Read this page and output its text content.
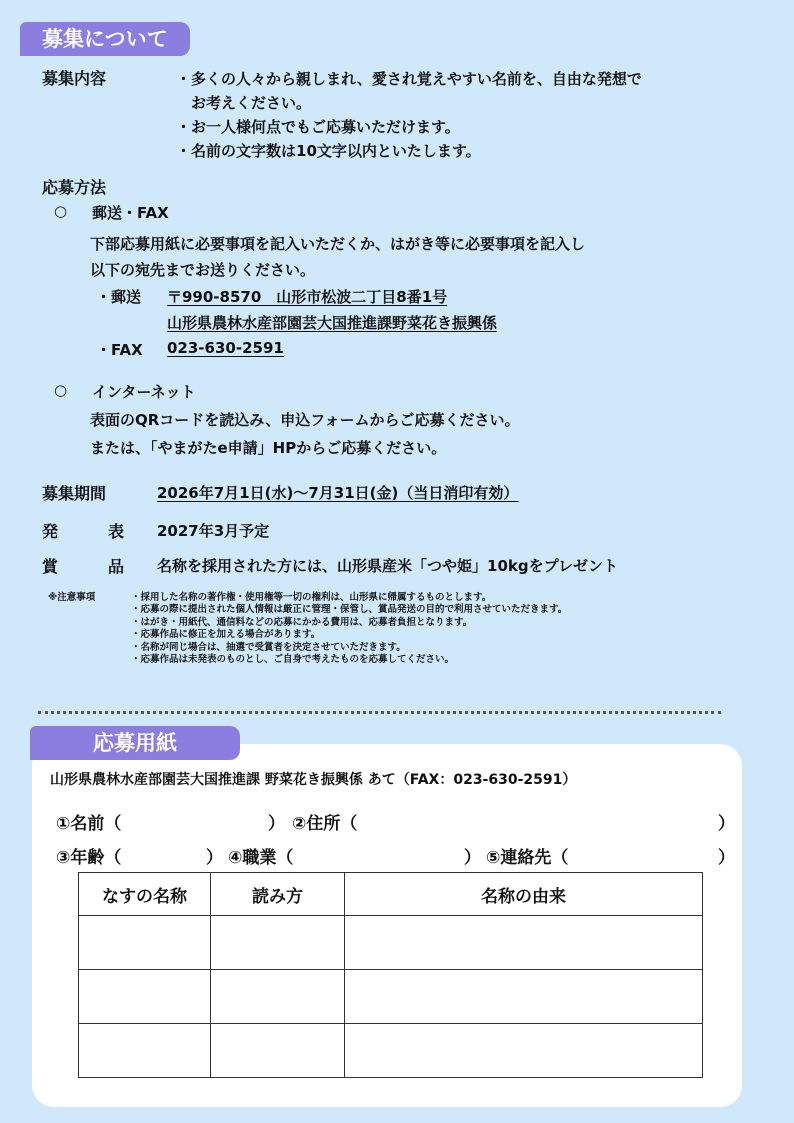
募集について
募集内容	・多くの人々から親しまれ、愛され覚えやすい名前を、自由な発想で
お考えください。
・お一人様何点でもご応募いただけます。
・名前の文字数は10文字以内といたします。
応募方法
○ 郵送・FAX
下部応募用紙に必要事項を記入いただくか、はがき等に必要事項を記入し
以下の宛先までお送りください。
・郵送 〒990-8570　山形市松波二丁目8番1号
山形県農林水産部園芸大国推進課野菜花き振興係
・FAX 023-630-2591
○ インターネット
表面のQRコードを読込み、申込フォームからご応募ください。
または、「やまがたe申請」HPからご応募ください。
募集期間	2026年7月1日(水)～7月31日(金)（当日消印有効）
発	表 2027年3月予定
賞	品 名称を採用された方には、山形県産米「つや姫」10kgをプレゼント
※注意事項	・採用した名称の著作権・使用権等一切の権利は、山形県に帰属するものとします。
・応募の際に提出された個人情報は厳正に管理・保管し、賞品発送の目的で利用させていただきます。
・はがき・用紙代、通信料などの応募にかかる費用は、応募者負担となります。
・応募作品に修正を加える場合があります。
・名称が同じ場合は、抽選で受賞者を決定させていただきます。
・応募作品は未発表のものとし、ご自身で考えたものを応募してください。
応募用紙
山形県農林水産部園芸大国推進課 野菜花き振興係 あて（FAX：023-630-2591）
①名前（	） ②住所（	）
③年齢（	） ④職業（	） ⑤連絡先（	）
なすの名称	読み方	名称の由来
